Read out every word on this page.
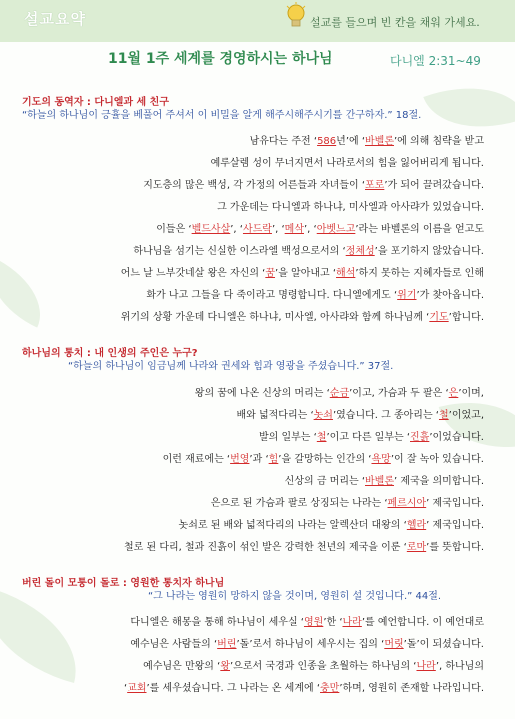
설교요약	설교를 들으며 빈 칸을 채워 가세요.
11월 1주 세계를 경영하시는 하나님	다니엘 2:31~49
기도의 동역자 : 다니엘과 세 친구
“하늘의 하나님이 긍휼을 베풀어 주셔서 이 비밀을 알게 해주시해주시기를 간구하자.” 18절.
남유다는 주전 ‘586년’에 ‘바벨론’에 의해 침략을 받고
예루살렘 성이 무너지면서 나라로서의 힘을 잃어버리게 됩니다.
지도층의 많은 백성, 각 가정의 어른들과 자녀들이 ‘포로’가 되어 끌려갔습니다.
그 가운데는 다니엘과 하나냐, 미사엘과 아사랴가 있었습니다.
이들은 ‘벨드사살’, ‘사드락’, ‘메삭’, ‘아벳느고’라는 바벨론의 이름을 얻고도
하나님을 섬기는 신실한 이스라엘 백성으로서의 ‘정체성’을 포기하지 않았습니다.
어느 날 느부갓네살 왕은 자신의 ‘꿈’을 알아내고 ‘해석’하지 못하는 지혜자들로 인해
화가 나고 그들을 다 죽이라고 명령합니다. 다니엘에게도 ‘위기’가 찾아옵니다.
위기의 상황 가운데 다니엘은 하나냐, 미사엘, 아사랴와 함께 하나님께 ‘기도’합니다.
하나님의 통치 : 내 인생의 주인은 누구?
“하늘의 하나님이 임금님께 나라와 권세와 힘과 영광을 주셨습니다.” 37절.
왕의 꿈에 나온 신상의 머리는 ‘순금’이고, 가슴과 두 팔은 ‘은’이며,
배와 넓적다리는 ‘놋쇠’였습니다. 그 종아리는 ‘철’이었고,
발의 일부는 ‘철’이고 다른 일부는 ‘진흙’이었습니다.
이런 재료에는 ‘번영’과 ‘힘’을 갈망하는 인간의 ‘욕망’이 잘 녹아 있습니다.
신상의 금 머리는 ‘바벨론’ 제국을 의미합니다.
은으로 된 가슴과 팔로 상징되는 나라는 ‘페르시아’ 제국입니다.
놋쇠로 된 배와 넓적다리의 나라는 알렉산더 대왕의 ‘헬라’ 제국입니다.
철로 된 다리, 철과 진흙이 섞인 발은 강력한 천년의 제국을 이룬 ‘로마’를 뜻합니다.
버린 돌이 모퉁이 돌로 : 영원한 통치자 하나님
“그 나라는 영원히 망하지 않을 것이며, 영원히 설 것입니다.” 44절.
다니엘은 해몽을 통해 하나님이 세우실 ‘영원’한 ‘나라’를 예언합니다. 이 예언대로
예수님은 사람들의 ‘버린’돌’로서 하나님이 세우시는 집의 ‘머릿’돌’이 되셨습니다.
예수님은 만왕의 ‘왕’으로서 국경과 인종을 초월하는 하나님의 ‘나라’, 하나님의
‘교회’를 세우셨습니다. 그 나라는 온 세계에 ‘충만’하며, 영원히 존재할 나라입니다.
